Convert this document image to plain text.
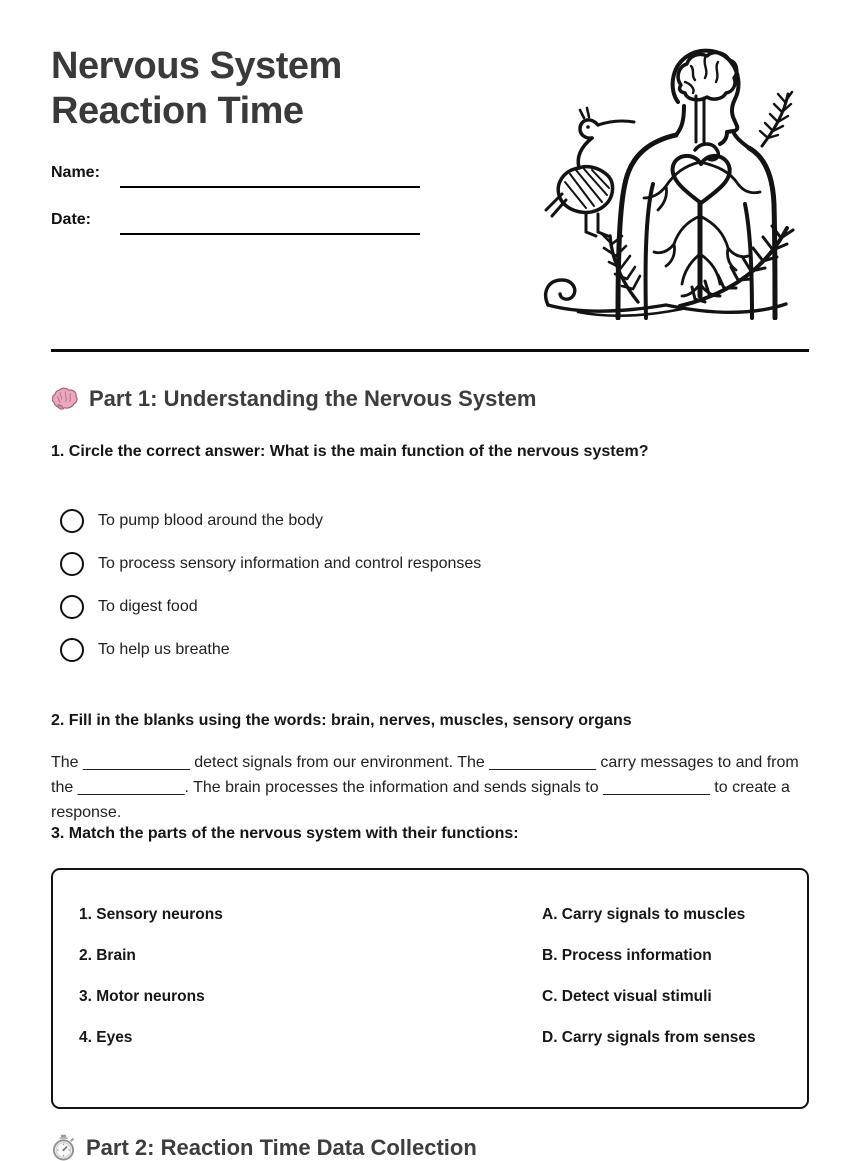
Nervous System
Reaction Time
Name:
Date:
Part 1: Understanding the Nervous System
1. Circle the correct answer: What is the main function of the nervous system?
To pump blood around the body
To process sensory information and control responses
To digest food
To help us breathe
2. Fill in the blanks using the words: brain, nerves, muscles, sensory organs
The ____________ detect signals from our environment. The ____________ carry messages to and from the ____________. The brain processes the information and sends signals to ____________ to create a response.
3. Match the parts of the nervous system with their functions:
1. Sensory neurons	A. Carry signals to muscles
2. Brain	B. Process information
3. Motor neurons	C. Detect visual stimuli
4. Eyes	D. Carry signals from senses
Part 2: Reaction Time Data Collection
